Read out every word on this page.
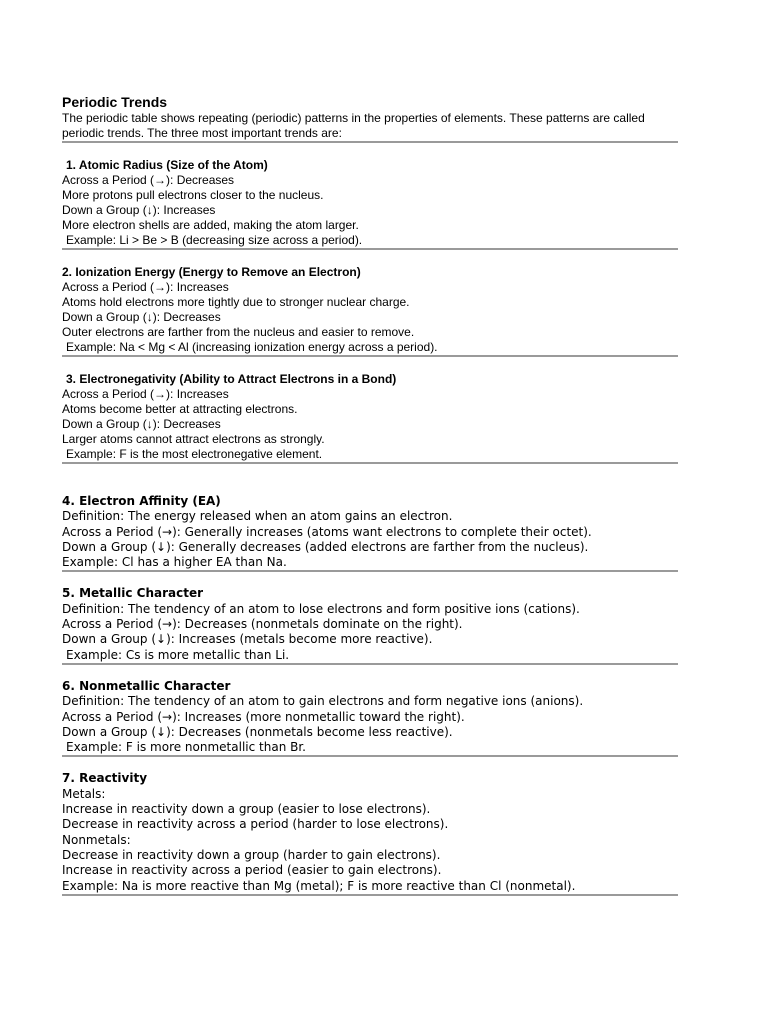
Periodic Trends

The periodic table shows repeating (periodic) patterns in the properties of elements. These patterns are called periodic trends. The three most important trends are:

1. Atomic Radius (Size of the Atom)
Across a Period (→): Decreases
More protons pull electrons closer to the nucleus.
Down a Group (↓): Increases
More electron shells are added, making the atom larger.
Example: Li > Be > B (decreasing size across a period).
2. Ionization Energy (Energy to Remove an Electron)
Across a Period (→): Increases
Atoms hold electrons more tightly due to stronger nuclear charge.
Down a Group (↓): Decreases
Outer electrons are farther from the nucleus and easier to remove.
Example: Na < Mg < Al (increasing ionization energy across a period).
3. Electronegativity (Ability to Attract Electrons in a Bond)
Across a Period (→): Increases
Atoms become better at attracting electrons.
Down a Group (↓): Decreases
Larger atoms cannot attract electrons as strongly.
Example: F is the most electronegative element.
4. Electron Affinity (EA)
Definition: The energy released when an atom gains an electron.
Across a Period (→): Generally increases (atoms want electrons to complete their octet).
Down a Group (↓): Generally decreases (added electrons are farther from the nucleus).
Example: Cl has a higher EA than Na.
5. Metallic Character
Definition: The tendency of an atom to lose electrons and form positive ions (cations).
Across a Period (→): Decreases (nonmetals dominate on the right).
Down a Group (↓): Increases (metals become more reactive).
Example: Cs is more metallic than Li.
6. Nonmetallic Character
Definition: The tendency of an atom to gain electrons and form negative ions (anions).
Across a Period (→): Increases (more nonmetallic toward the right).
Down a Group (↓): Decreases (nonmetals become less reactive).
Example: F is more nonmetallic than Br.
7. Reactivity
Metals:
Increase in reactivity down a group (easier to lose electrons).
Decrease in reactivity across a period (harder to lose electrons).
Nonmetals:
Decrease in reactivity down a group (harder to gain electrons).
Increase in reactivity across a period (easier to gain electrons).
Example: Na is more reactive than Mg (metal); F is more reactive than Cl (nonmetal).
